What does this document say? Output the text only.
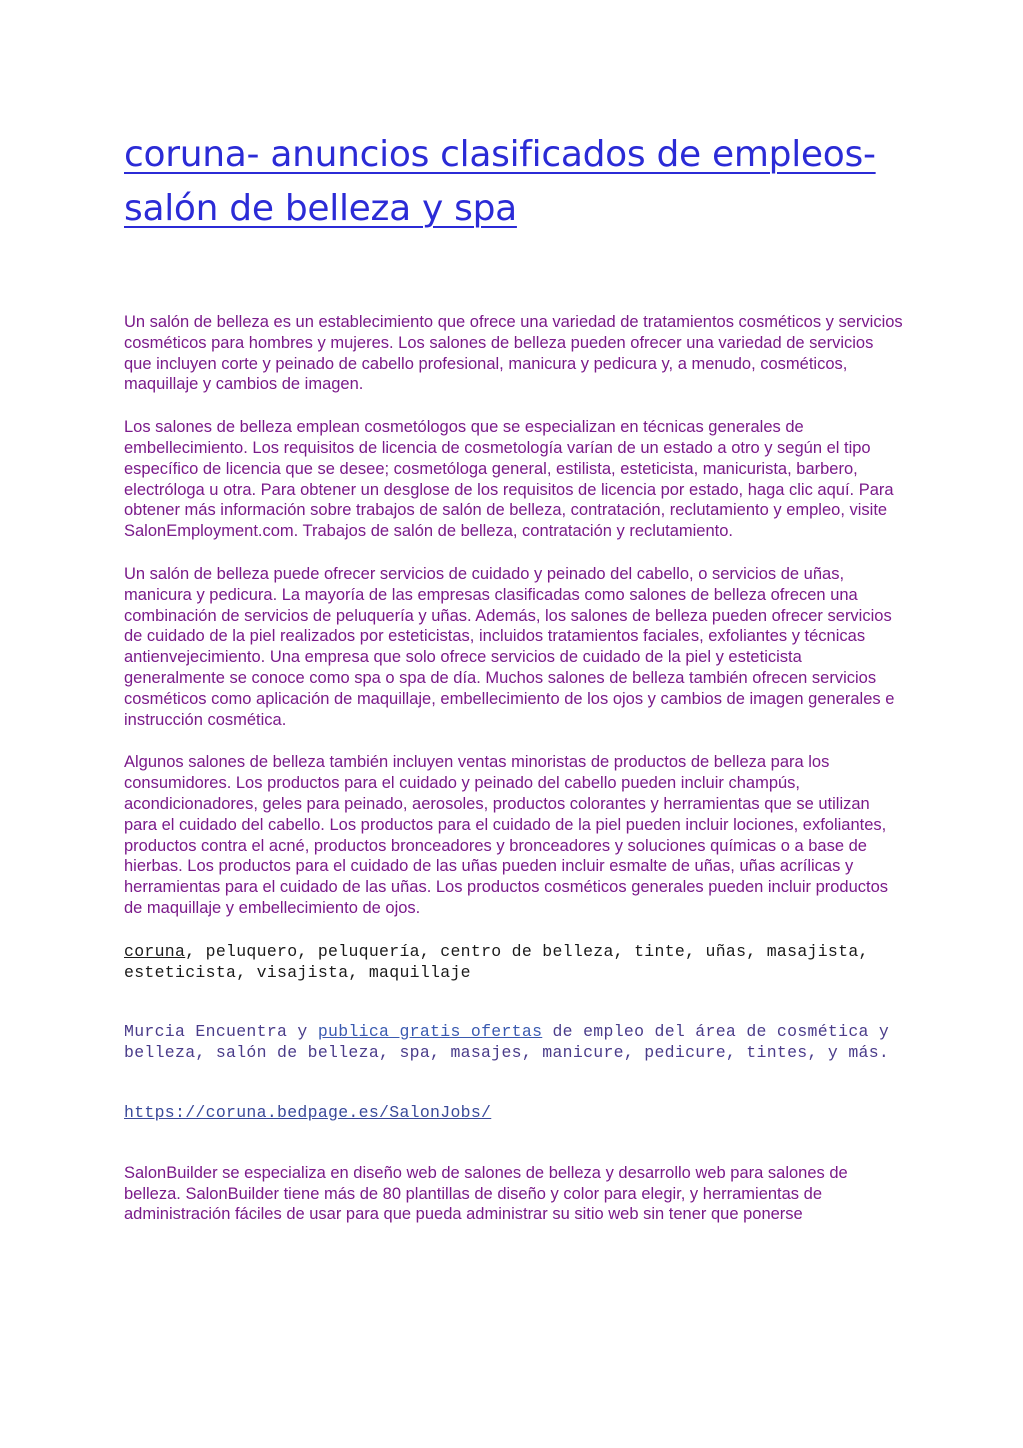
coruna- anuncios clasificados de empleos- salón de belleza y spa

Un salón de belleza es un establecimiento que ofrece una variedad de tratamientos cosméticos y servicios cosméticos para hombres y mujeres. Los salones de belleza pueden ofrecer una variedad de servicios que incluyen corte y peinado de cabello profesional, manicura y pedicura y, a menudo, cosméticos, maquillaje y cambios de imagen.

Los salones de belleza emplean cosmetólogos que se especializan en técnicas generales de embellecimiento. Los requisitos de licencia de cosmetología varían de un estado a otro y según el tipo específico de licencia que se desee; cosmetóloga general, estilista, esteticista, manicurista, barbero, electróloga u otra. Para obtener un desglose de los requisitos de licencia por estado, haga clic aquí. Para obtener más información sobre trabajos de salón de belleza, contratación, reclutamiento y empleo, visite SalonEmployment.com. Trabajos de salón de belleza, contratación y reclutamiento.

Un salón de belleza puede ofrecer servicios de cuidado y peinado del cabello, o servicios de uñas, manicura y pedicura. La mayoría de las empresas clasificadas como salones de belleza ofrecen una combinación de servicios de peluquería y uñas. Además, los salones de belleza pueden ofrecer servicios de cuidado de la piel realizados por esteticistas, incluidos tratamientos faciales, exfoliantes y técnicas antienvejecimiento. Una empresa que solo ofrece servicios de cuidado de la piel y esteticista generalmente se conoce como spa o spa de día. Muchos salones de belleza también ofrecen servicios cosméticos como aplicación de maquillaje, embellecimiento de los ojos y cambios de imagen generales e instrucción cosmética.

Algunos salones de belleza también incluyen ventas minoristas de productos de belleza para los consumidores. Los productos para el cuidado y peinado del cabello pueden incluir champús, acondicionadores, geles para peinado, aerosoles, productos colorantes y herramientas que se utilizan para el cuidado del cabello. Los productos para el cuidado de la piel pueden incluir lociones, exfoliantes, productos contra el acné, productos bronceadores y bronceadores y soluciones químicas o a base de hierbas. Los productos para el cuidado de las uñas pueden incluir esmalte de uñas, uñas acrílicas y herramientas para el cuidado de las uñas. Los productos cosméticos generales pueden incluir productos de maquillaje y embellecimiento de ojos.

coruna, peluquero, peluquería, centro de belleza, tinte, uñas, masajista, esteticista, visajista, maquillaje

Murcia Encuentra y publica gratis ofertas de empleo del área de cosmética y belleza, salón de belleza, spa, masajes, manicure, pedicure, tintes, y más.

https://coruna.bedpage.es/SalonJobs/

SalonBuilder se especializa en diseño web de salones de belleza y desarrollo web para salones de belleza. SalonBuilder tiene más de 80 plantillas de diseño y color para elegir, y herramientas de administración fáciles de usar para que pueda administrar su sitio web sin tener que ponerse
